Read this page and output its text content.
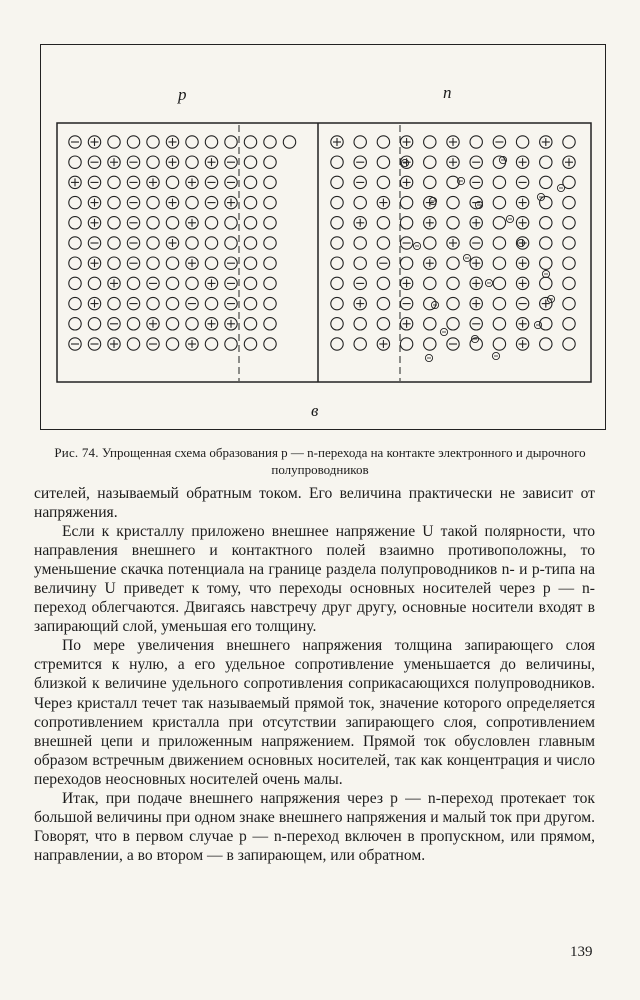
p	n
в
Рис. 74. Упрощенная схема образования p — n-перехода на контакте электронного и дырочного полупроводников

сителей, называемый обратным током. Его величина практически не зависит от напряжения.

Если к кристаллу приложено внешнее напряжение U такой полярности, что направления внешнего и контактного полей взаимно противоположны, то уменьшение скачка потенциала на границе раздела полупроводников n- и p-типа на величину U приведет к тому, что переходы основных носителей через p — n-переход облегчаются. Двигаясь навстречу друг другу, основные носители входят в запирающий слой, уменьшая его толщину.

По мере увеличения внешнего напряжения толщина запирающего слоя стремится к нулю, а его удельное сопротивление уменьшается до величины, близкой к величине удельного сопротивления соприкасающихся полупроводников. Через кристалл течет так называемый прямой ток, значение которого определяется сопротивлением кристалла при отсутствии запирающего слоя, сопротивлением внешней цепи и приложенным напряжением. Прямой ток обусловлен главным образом встречным движением основных носителей, так как концентрация и число переходов неосновных носителей очень малы.

Итак, при подаче внешнего напряжения через p — n-переход протекает ток большой величины при одном знаке внешнего напряжения и малый ток при другом. Говорят, что в первом случае p — n-переход включен в пропускном, или прямом, направлении, а во втором — в запирающем, или обратном.

139
